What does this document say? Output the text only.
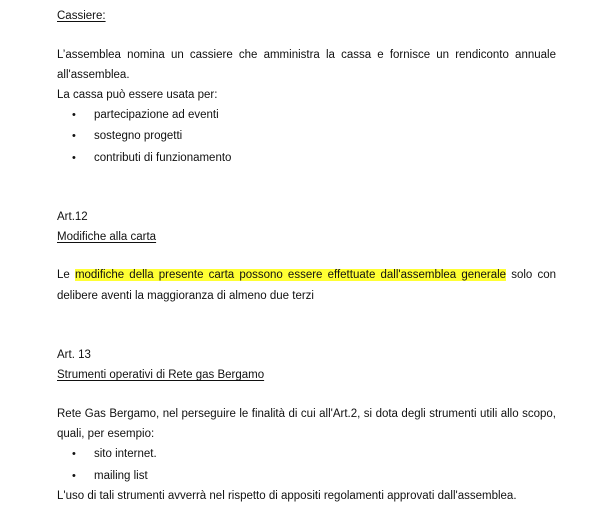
Cassiere:
L’assemblea nomina un cassiere che amministra la cassa e fornisce un rendiconto annuale
all'assemblea.
La cassa può essere usata per:
• partecipazione ad eventi
• sostegno progetti
• contributi di funzionamento
Art.12
Modifiche alla carta
Le modifiche della presente carta possono essere effettuate dall'assemblea generale solo con
delibere aventi la maggioranza di almeno due terzi
Art. 13
Strumenti operativi di Rete gas Bergamo
Rete Gas Bergamo, nel perseguire le finalità di cui all'Art.2, si dota degli strumenti utili allo scopo,
quali, per esempio:
• sito internet.
• mailing list
L'uso di tali strumenti avverrà nel rispetto di appositi regolamenti approvati dall'assemblea.
